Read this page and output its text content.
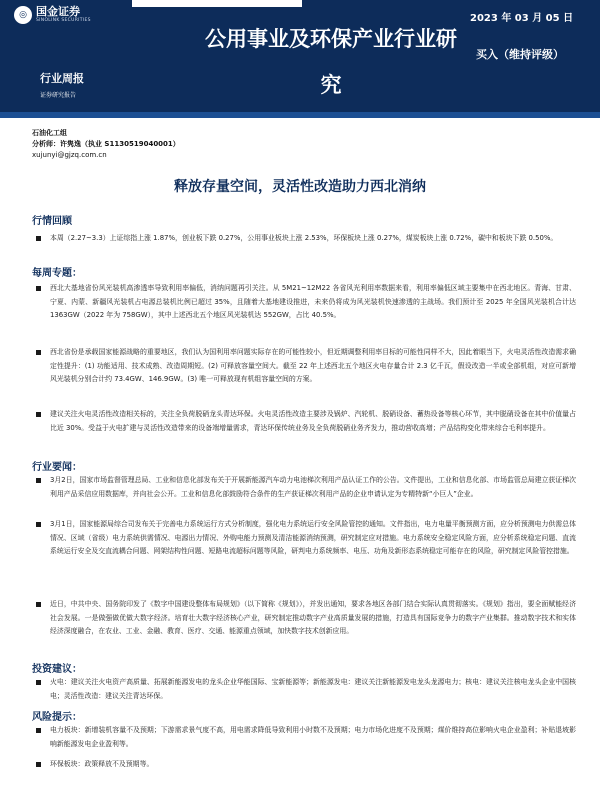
◎ 国金证券
SINOLINK SECURITIES	2023 年 03 月 05 日
公用事业及环保产业行业研
究
买入（维持评级）
行业周报
证券研究报告
石油化工组
分析师：许隽逸（执业 S1130519040001）
xujunyi@gjzq.com.cn
释放存量空间，灵活性改造助力西北消纳
行情回顾
本周（2.27~3.3）上证综指上涨 1.87%，创业板下跌 0.27%，公用事业板块上涨 2.53%，环保板块上涨 0.27%，煤炭板块上涨 0.72%，碳中和板块下跌 0.50%。
每周专题：
西北大基地省份风光装机高渗透率导致利用率偏低，消纳问题再引关注。从 5M21~12M22 各省风光利用率数据来看，利用率偏低区域主要集中在西北地区。青海、甘肃、宁夏、内蒙、新疆风光装机占电源总装机比例已超过 35%，且随着大基地建设推进，未来仍将成为风光装机快速渗透的主战场。我们预计至 2025 年全国风光装机合计达 1363GW（2022 年为 758GW），其中上述西北五个地区风光装机达 552GW，占比 40.5%。
西北省份是承载国家能源战略的重要地区，我们认为国利用率问题实际存在的可能性较小，但近期调整利用率目标的可能性同样不大，因此着眼当下，火电灵活性改造需求确定性提升：(1) 功能适用、技术成熟、改造周期短。(2) 可释放容量空间大。截至 22 年上述西北五个地区火电存量合计 2.3 亿千瓦，假设改造一半或全部机组，对应可新增风光装机分别合计约 73.4GW、146.9GW。(3) 唯一可释放现有机组容量空间的方案。
建议关注火电灵活性改造相关标的，关注全负荷脱硝龙头青达环保。火电灵活性改造主要涉及锅炉、汽轮机、脱硝设备、蓄热设备等核心环节，其中脱硝设备在其中价值量占比近 30%。受益于火电扩建与灵活性改造带来的设备端增量需求，青达环保传统业务及全负荷脱硝业务齐发力，推动营收高增；产品结构变化带来综合毛利率提升。
行业要闻：
3月2日，国家市场监督管理总局、工业和信息化部发布关于开展新能源汽车动力电池梯次利用产品认证工作的公告。文件提出，工业和信息化部、市场监管总局建立获证梯次利用产品采信应用数据库，并向社会公开。工业和信息化部鼓励符合条件的生产获证梯次利用产品的企业申请认定为专精特新“小巨人”企业。
3月1日，国家能源局综合司发布关于完善电力系统运行方式分析制度，强化电力系统运行安全风险管控的通知。文件指出，电力电量平衡预测方面，应分析预测电力供需总体情况、区域（省级）电力系统供需情况、电源出力情况、外购电能力预测及清洁能源消纳预测，研究制定应对措施。电力系统安全稳定风险方面，应分析系统稳定问题、直流系统运行安全及交直流耦合问题、网架结构性问题、短路电流超标问题等风险，研判电力系统频率、电压、功角及新形态系统稳定可能存在的风险，研究制定风险管控措施。
近日，中共中央、国务院印发了《数字中国建设整体布局规划》（以下简称《规划》），并发出通知，要求各地区各部门结合实际认真贯彻落实。《规划》指出，要全面赋能经济社会发展。一是做强做优做大数字经济。培育壮大数字经济核心产业，研究制定推动数字产业高质量发展的措施，打造具有国际竞争力的数字产业集群。推动数字技术和实体经济深度融合，在农业、工业、金融、教育、医疗、交通、能源重点领域，加快数字技术创新应用。
投资建议：
火电：建议关注火电资产高质量、拓展新能源发电的龙头企业华能国际、宝新能源等；新能源发电：建议关注新能源发电龙头龙源电力；核电：建议关注核电龙头企业中国核电；灵活性改造：建议关注青达环保。
风险提示：
电力板块：新增装机容量不及预期；下游需求景气度不高，用电需求降低导致利用小时数不及预期；电力市场化进度不及预期；煤价维持高位影响火电企业盈利；补贴退坡影响新能源发电企业盈利等。
环保板块：政策释放不及预期等。
